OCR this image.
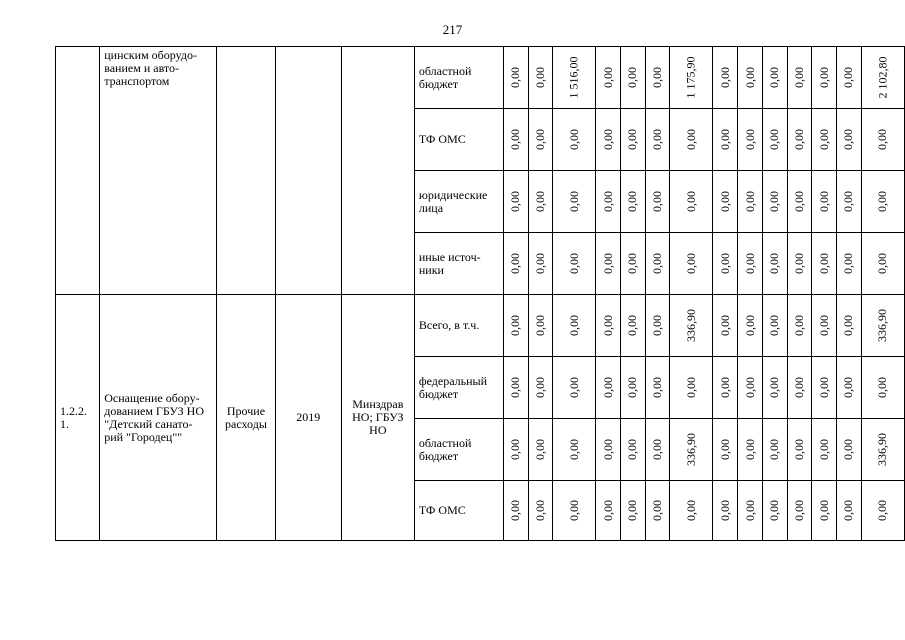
217
	цинским оборудо-
ванием и авто-
транспортом				областной бюджет	0,00	0,00	1 516,00	0,00	0,00	0,00	1 175,90	0,00	0,00	0,00	0,00	0,00	0,00	2 102,80
					ТФ ОМС	0,00	0,00	0,00	0,00	0,00	0,00	0,00	0,00	0,00	0,00	0,00	0,00	0,00	0,00
					юридические лица	0,00	0,00	0,00	0,00	0,00	0,00	0,00	0,00	0,00	0,00	0,00	0,00	0,00	0,00
					иные источ-ники	0,00	0,00	0,00	0,00	0,00	0,00	0,00	0,00	0,00	0,00	0,00	0,00	0,00	0,00
1.2.2.
1.	Оснащение обору-
дованием ГБУЗ НО
"Детский санато-
рий "Городец""	Прочие
расходы	2019	Минздрав
НО; ГБУЗ
НО	Всего, в т.ч.	0,00	0,00	0,00	0,00	0,00	0,00	336,90	0,00	0,00	0,00	0,00	0,00	0,00	336,90
					федеральный бюджет	0,00	0,00	0,00	0,00	0,00	0,00	0,00	0,00	0,00	0,00	0,00	0,00	0,00	0,00
					областной бюджет	0,00	0,00	0,00	0,00	0,00	0,00	336,90	0,00	0,00	0,00	0,00	0,00	0,00	336,90
					ТФ ОМС	0,00	0,00	0,00	0,00	0,00	0,00	0,00	0,00	0,00	0,00	0,00	0,00	0,00	0,00
